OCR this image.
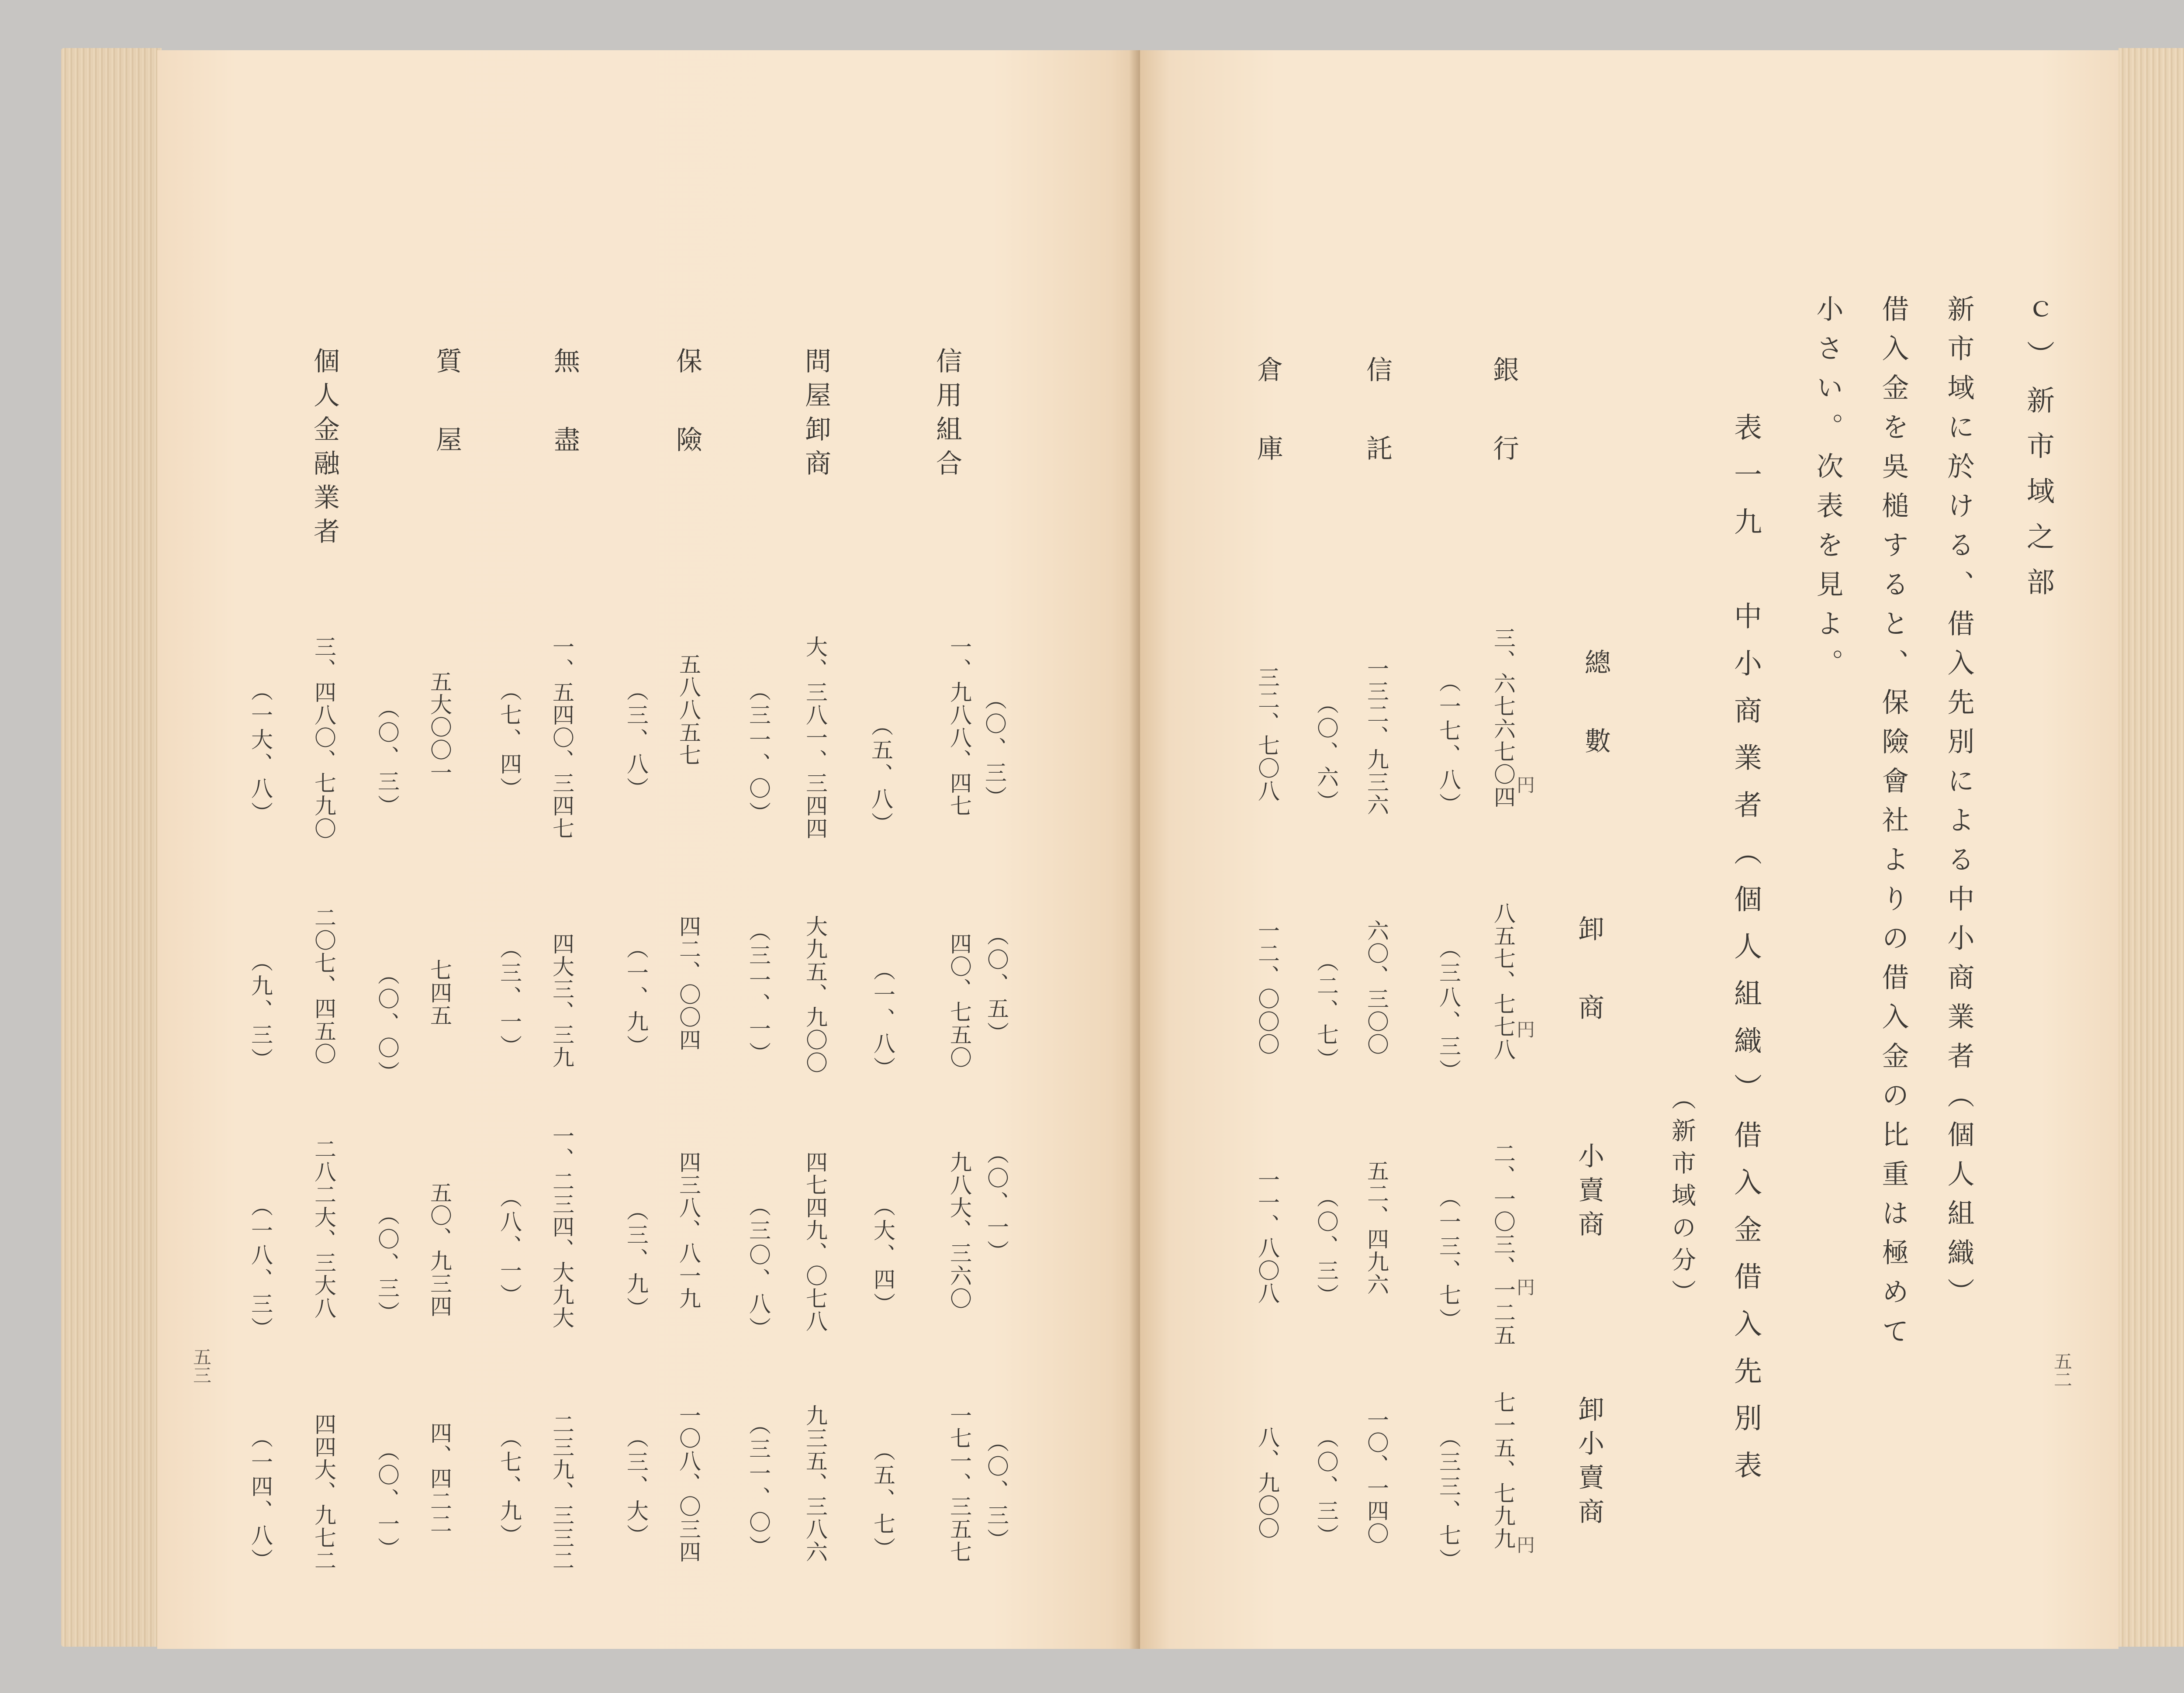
信用組合
（〇、三）
一、九八八、四七
（五、八）
四〇、七五〇 （〇、五）
（一、八）
九八大、三六〇 （〇、一）
（大、四）
一七一、三五七 （〇、三）
（五、七）
問屋卸商
大、三八一、三四四
（三一、〇）
大九五、九〇〇
（三一、一）
四七四九、〇七八
（三〇、八）
九三五、三八六
（三一、〇）
保險
五八八五七
（三、八）
四二、〇〇四
（一、九）
四三八、八一九
（三、九）
一〇八、〇三四
（三、大）
無盡
一、五四〇、三四七
（七、四）
四大三、三九
（三、一）
一、二三四、大九大
（八、一）
二三九、三三二
（七、九）
質屋
五大〇〇一
（〇、三）
七四五
（〇、〇）
五〇、九三四
（〇、三）
四、四二二
（〇、一）
個人金融業者
三、四八〇、七九〇
（一大、八）
二〇七、四五〇
（九、三）
二八二大、三大八
（一八、三）
四四大、九七二
（一四、八）
五三

ｃ）新市域之部
新市域に於ける、借入先別による中小商業者（個人組織）
借入金を吳槌すると、保險會社よりの借入金の比重は極めて
小さい。次表を見よ。
表一九　中小商業者（個人組織）借入金借入先別表
（新市域の分）
總數
卸商
小賣商
卸小賣商
銀行
三、六七六七〇四
円
（一七、八）
八五七、七七八
円
（三八、三）
二、一〇三、一二五
円
（一三、七）
七一五、七九九
円
（三三、七）
信託
一三二、九三六
（〇、六）
六〇、三〇〇
（二、七）
五二、四九六
（〇、三）
一〇、一四〇
（〇、三）
倉庫
三二、七〇八
一二、〇〇〇
一一、八〇八
八、九〇〇
五二
